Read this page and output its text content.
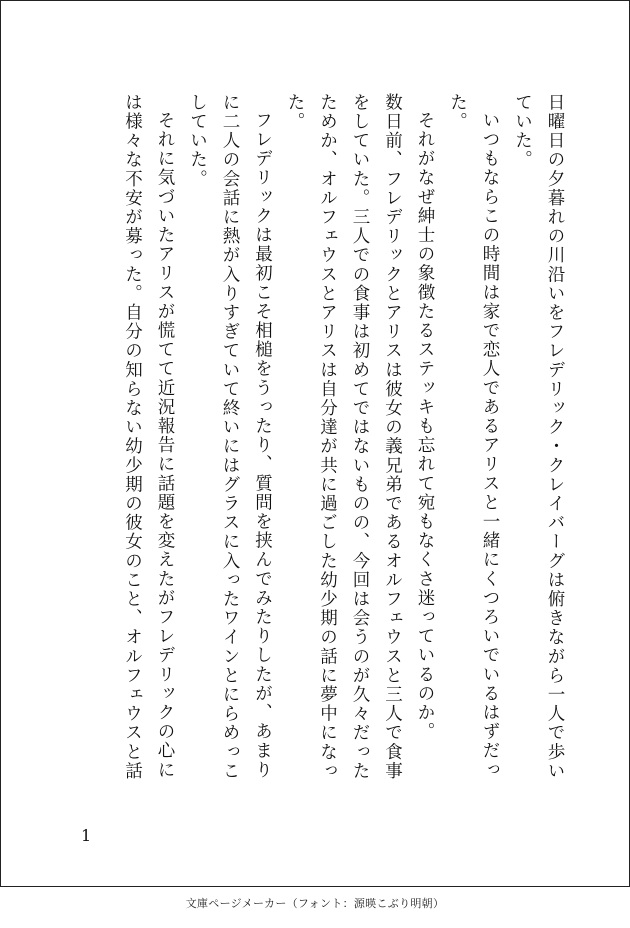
日曜日の夕暮れの川沿いをフレデリック・クレイバーグは俯きながら一人で歩いていた。

いつもならこの時間は家で恋人であるアリスと一緒にくつろいでいるはずだった。

それがなぜ紳士の象徴たるステッキも忘れて宛もなくさ迷っているのか。

数日前、フレデリックとアリスは彼女の義兄弟であるオルフェウスと三人で食事をしていた。三人での食事は初めてではないものの、今回は会うのが久々だったためか、オルフェウスとアリスは自分達が共に過ごした幼少期の話に夢中になった。

フレデリックは最初こそ相槌をうったり、質問を挟んでみたりしたが、あまりに二人の会話に熱が入りすぎていて終いにはグラスに入ったワインとにらめっこしていた。

それに気づいたアリスが慌てて近況報告に話題を変えたがフレデリックの心には様々な不安が募った。自分の知らない幼少期の彼女のこと、オルフェウスと話

1
文庫ページメーカー（フォント：源暎こぶり明朝）
